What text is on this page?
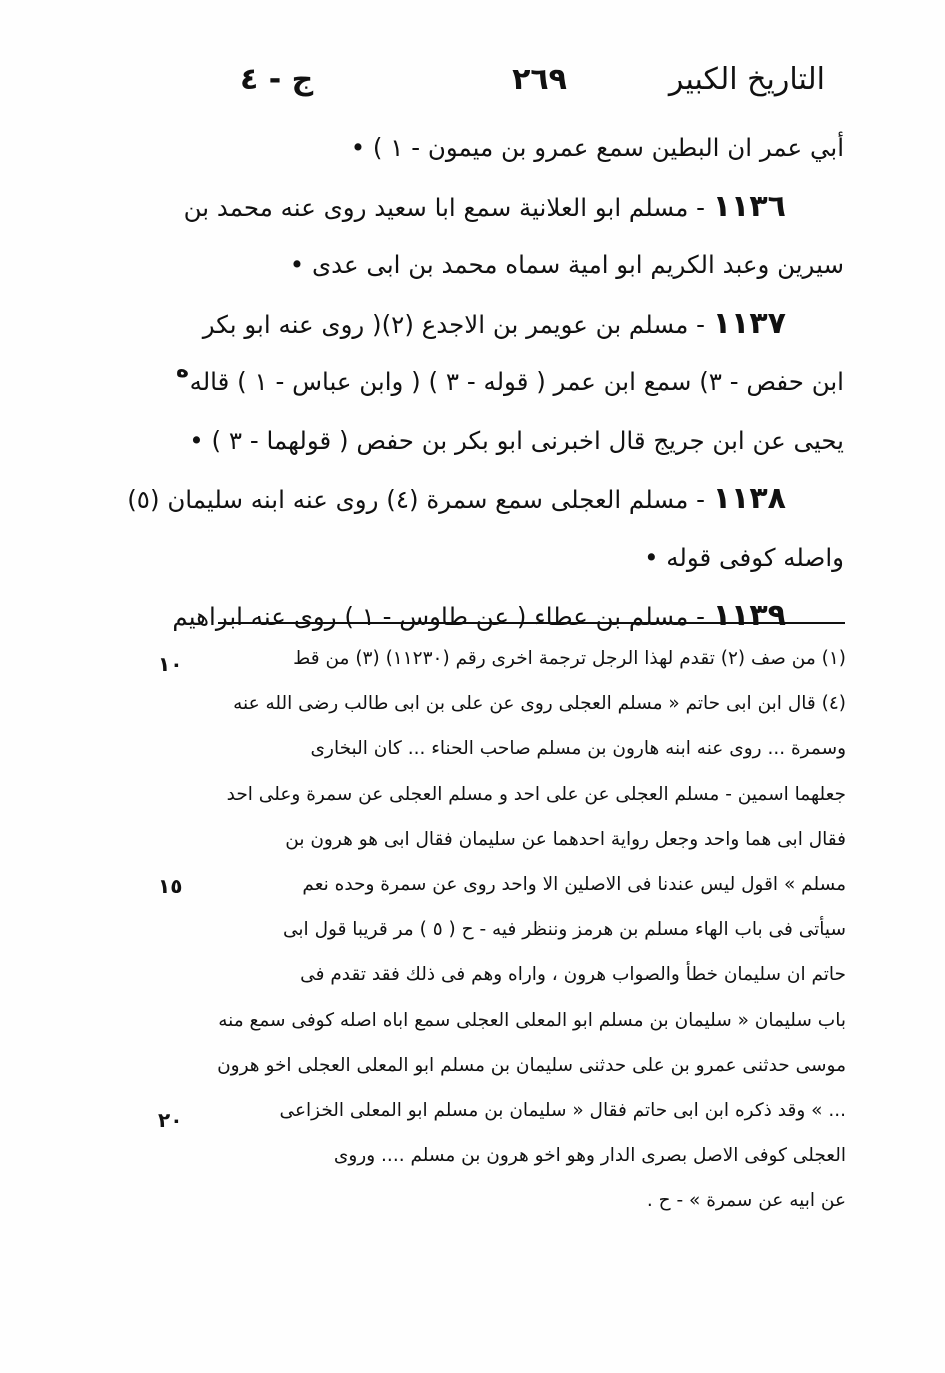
التاريخ الكبير
٢٦٩
ج - ٤
أبي عمر ان البطين سمع عمرو بن ميمون - ١ ) •
١١٣٦ - مسلم ابو العلانية سمع ابا سعيد روى عنه محمد بن
سيرين وعبد الكريم ابو امية سماه محمد بن ابى عدى •
١١٣٧ - مسلم بن عويمر بن الاجدع (٢)( روى عنه ابو بكر
ابن حفص - ٣) سمع ابن عمر ( قوله - ٣ ) ( وابن عباس - ١ ) قاله
يحيى عن ابن جريج قال اخبرنى ابو بكر بن حفص ( قولهما - ٣ ) •
١١٣٨ - مسلم العجلى سمع سمرة (٤) روى عنه ابنه سليمان (٥)
واصله كوفى قوله •
١١٣٩ - مسلم بن عطاء ( عن طاوس - ١ ) روى عنه ابراهيم
ه
(١) من صف (٢) تقدم لهذا الرجل ترجمة اخرى رقم (١١٢٣٠) (٣) من قط
(٤) قال ابن ابى حاتم « مسلم العجلى روى عن على بن ابى طالب رضى الله عنه
وسمرة ... روى عنه ابنه هارون بن مسلم صاحب الحناء ... كان البخارى
جعلهما اسمين - مسلم العجلى عن على احد و مسلم العجلى عن سمرة وعلى احد
فقال ابى هما واحد وجعل رواية احدهما عن سليمان فقال ابى هو هرون بن
مسلم » اقول ليس عندنا فى الاصلين الا واحد روى عن سمرة وحده نعم
سيأتى فى باب الهاء مسلم بن هرمز وننظر فيه - ح ( ٥ ) مر قريبا قول ابى
حاتم ان سليمان خطأ والصواب هرون ، واراه وهم فى ذلك فقد تقدم فى
باب سليمان « سليمان بن مسلم ابو المعلى العجلى سمع اباه اصله كوفى سمع منه
موسى حدثنى عمرو بن على حدثنى سليمان بن مسلم ابو المعلى العجلى اخو هرون
... » وقد ذكره ابن ابى حاتم فقال « سليمان بن مسلم ابو المعلى الخزاعى
العجلى كوفى الاصل بصرى الدار وهو اخو هرون بن مسلم .... وروى
عن ابيه عن سمرة » - ح .
١٠
١٥
٢٠
